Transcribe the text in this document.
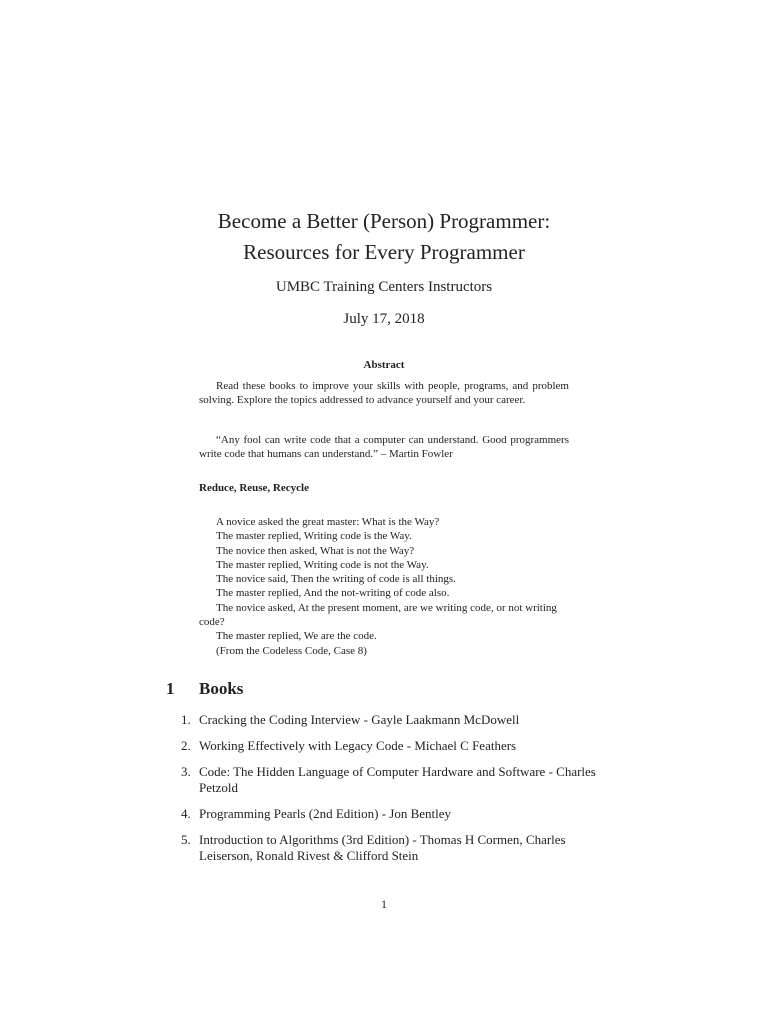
Become a Better (Person) Programmer:
Resources for Every Programmer
UMBC Training Centers Instructors
July 17, 2018
Abstract
Read these books to improve your skills with people, programs, and problem solving. Explore the topics addressed to advance yourself and your career.
“Any fool can write code that a computer can understand. Good programmers write code that humans can understand.” – Martin Fowler
Reduce, Reuse, Recycle
A novice asked the great master: What is the Way?
The master replied, Writing code is the Way.
The novice then asked, What is not the Way?
The master replied, Writing code is not the Way.
The novice said, Then the writing of code is all things.
The master replied, And the not-writing of code also.
The novice asked, At the present moment, are we writing code, or not writing code?
The master replied, We are the code.
(From the Codeless Code, Case 8)
1 Books
1. Cracking the Coding Interview - Gayle Laakmann McDowell
2. Working Effectively with Legacy Code - Michael C Feathers
3. Code: The Hidden Language of Computer Hardware and Software - Charles Petzold
4. Programming Pearls (2nd Edition) - Jon Bentley
5. Introduction to Algorithms (3rd Edition) - Thomas H Cormen, Charles Leiserson, Ronald Rivest & Clifford Stein
1
